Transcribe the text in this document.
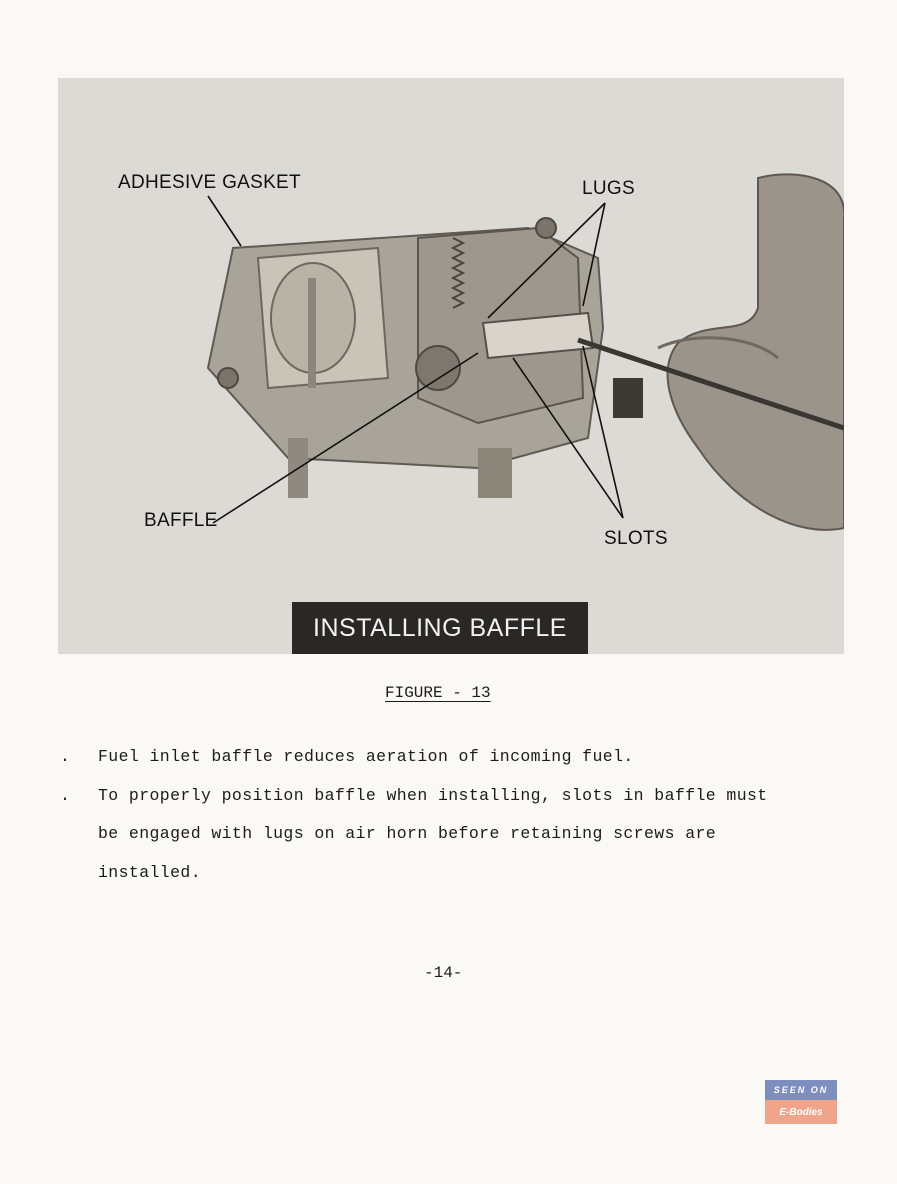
ADHESIVE GASKET	LUGS
BAFFLE
SLOTS
INSTALLING BAFFLE
FIGURE - 13
. Fuel inlet baffle reduces aeration of incoming fuel.
. To properly position baffle when installing, slots in baffle must be engaged with lugs on air horn before retaining screws are installed.
-14-
SEEN ON
E-Bodies
